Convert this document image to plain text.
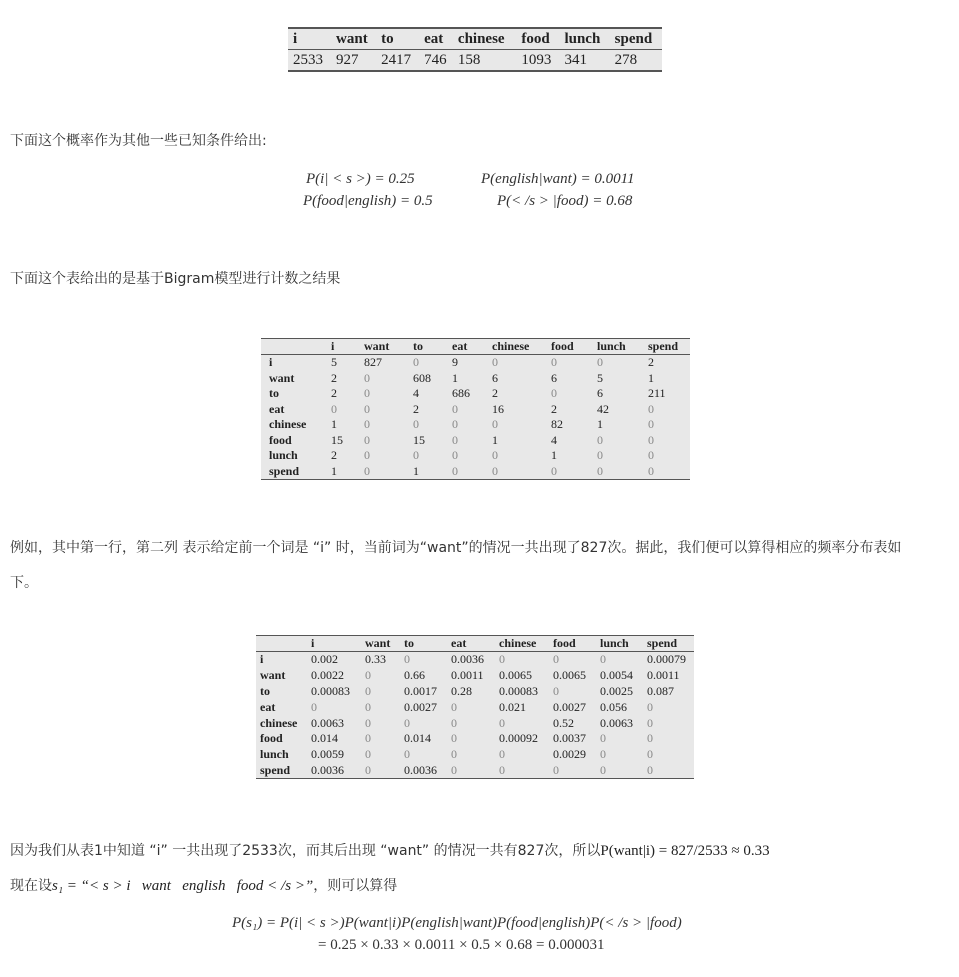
i	want	to	eat	chinese	food	lunch	spend
2533	927	2417	746	158	1093	341	278
下面这个概率作为其他一些已知条件给出:
P(i| < s >) = 0.25	P(english|want) = 0.0011
P(food|english) = 0.5	P(< /s > |food) = 0.68
下面这个表给出的是基于Bigram模型进行计数之结果
	i	want	to	eat	chinese	food	lunch	spend
i	5	827	0	9	0	0	0	2
want	2	0	608	1	6	6	5	1
to	2	0	4	686	2	0	6	211
eat	0	0	2	0	16	2	42	0
chinese	1	0	0	0	0	82	1	0
food	15	0	15	0	1	4	0	0
lunch	2	0	0	0	0	1	0	0
spend	1	0	1	0	0	0	0	0
例如，其中第一行，第二列 表示给定前一个词是 “i” 时，当前词为“want”的情况一共出现了827次。据此，我们便可以算得相应的频率分布表如
下。
	i	want	to	eat	chinese	food	lunch	spend
i	0.002	0.33	0	0.0036	0	0	0	0.00079
want	0.0022	0	0.66	0.0011	0.0065	0.0065	0.0054	0.0011
to	0.00083	0	0.0017	0.28	0.00083	0	0.0025	0.087
eat	0	0	0.0027	0	0.021	0.0027	0.056	0
chinese	0.0063	0	0	0	0	0.52	0.0063	0
food	0.014	0	0.014	0	0.00092	0.0037	0	0
lunch	0.0059	0	0	0	0	0.0029	0	0
spend	0.0036	0	0.0036	0	0	0	0	0
因为我们从表1中知道 “i” 一共出现了2533次，而其后出现 “want” 的情况一共有827次，所以P(want|i) = 827/2533 ≈ 0.33
现在设s₁ = “< s > i   want   english   food < /s >”，则可以算得
P(s₁) = P(i| < s >)P(want|i)P(english|want)P(food|english)P(< /s > |food)
= 0.25 × 0.33 × 0.0011 × 0.5 × 0.68 = 0.000031
